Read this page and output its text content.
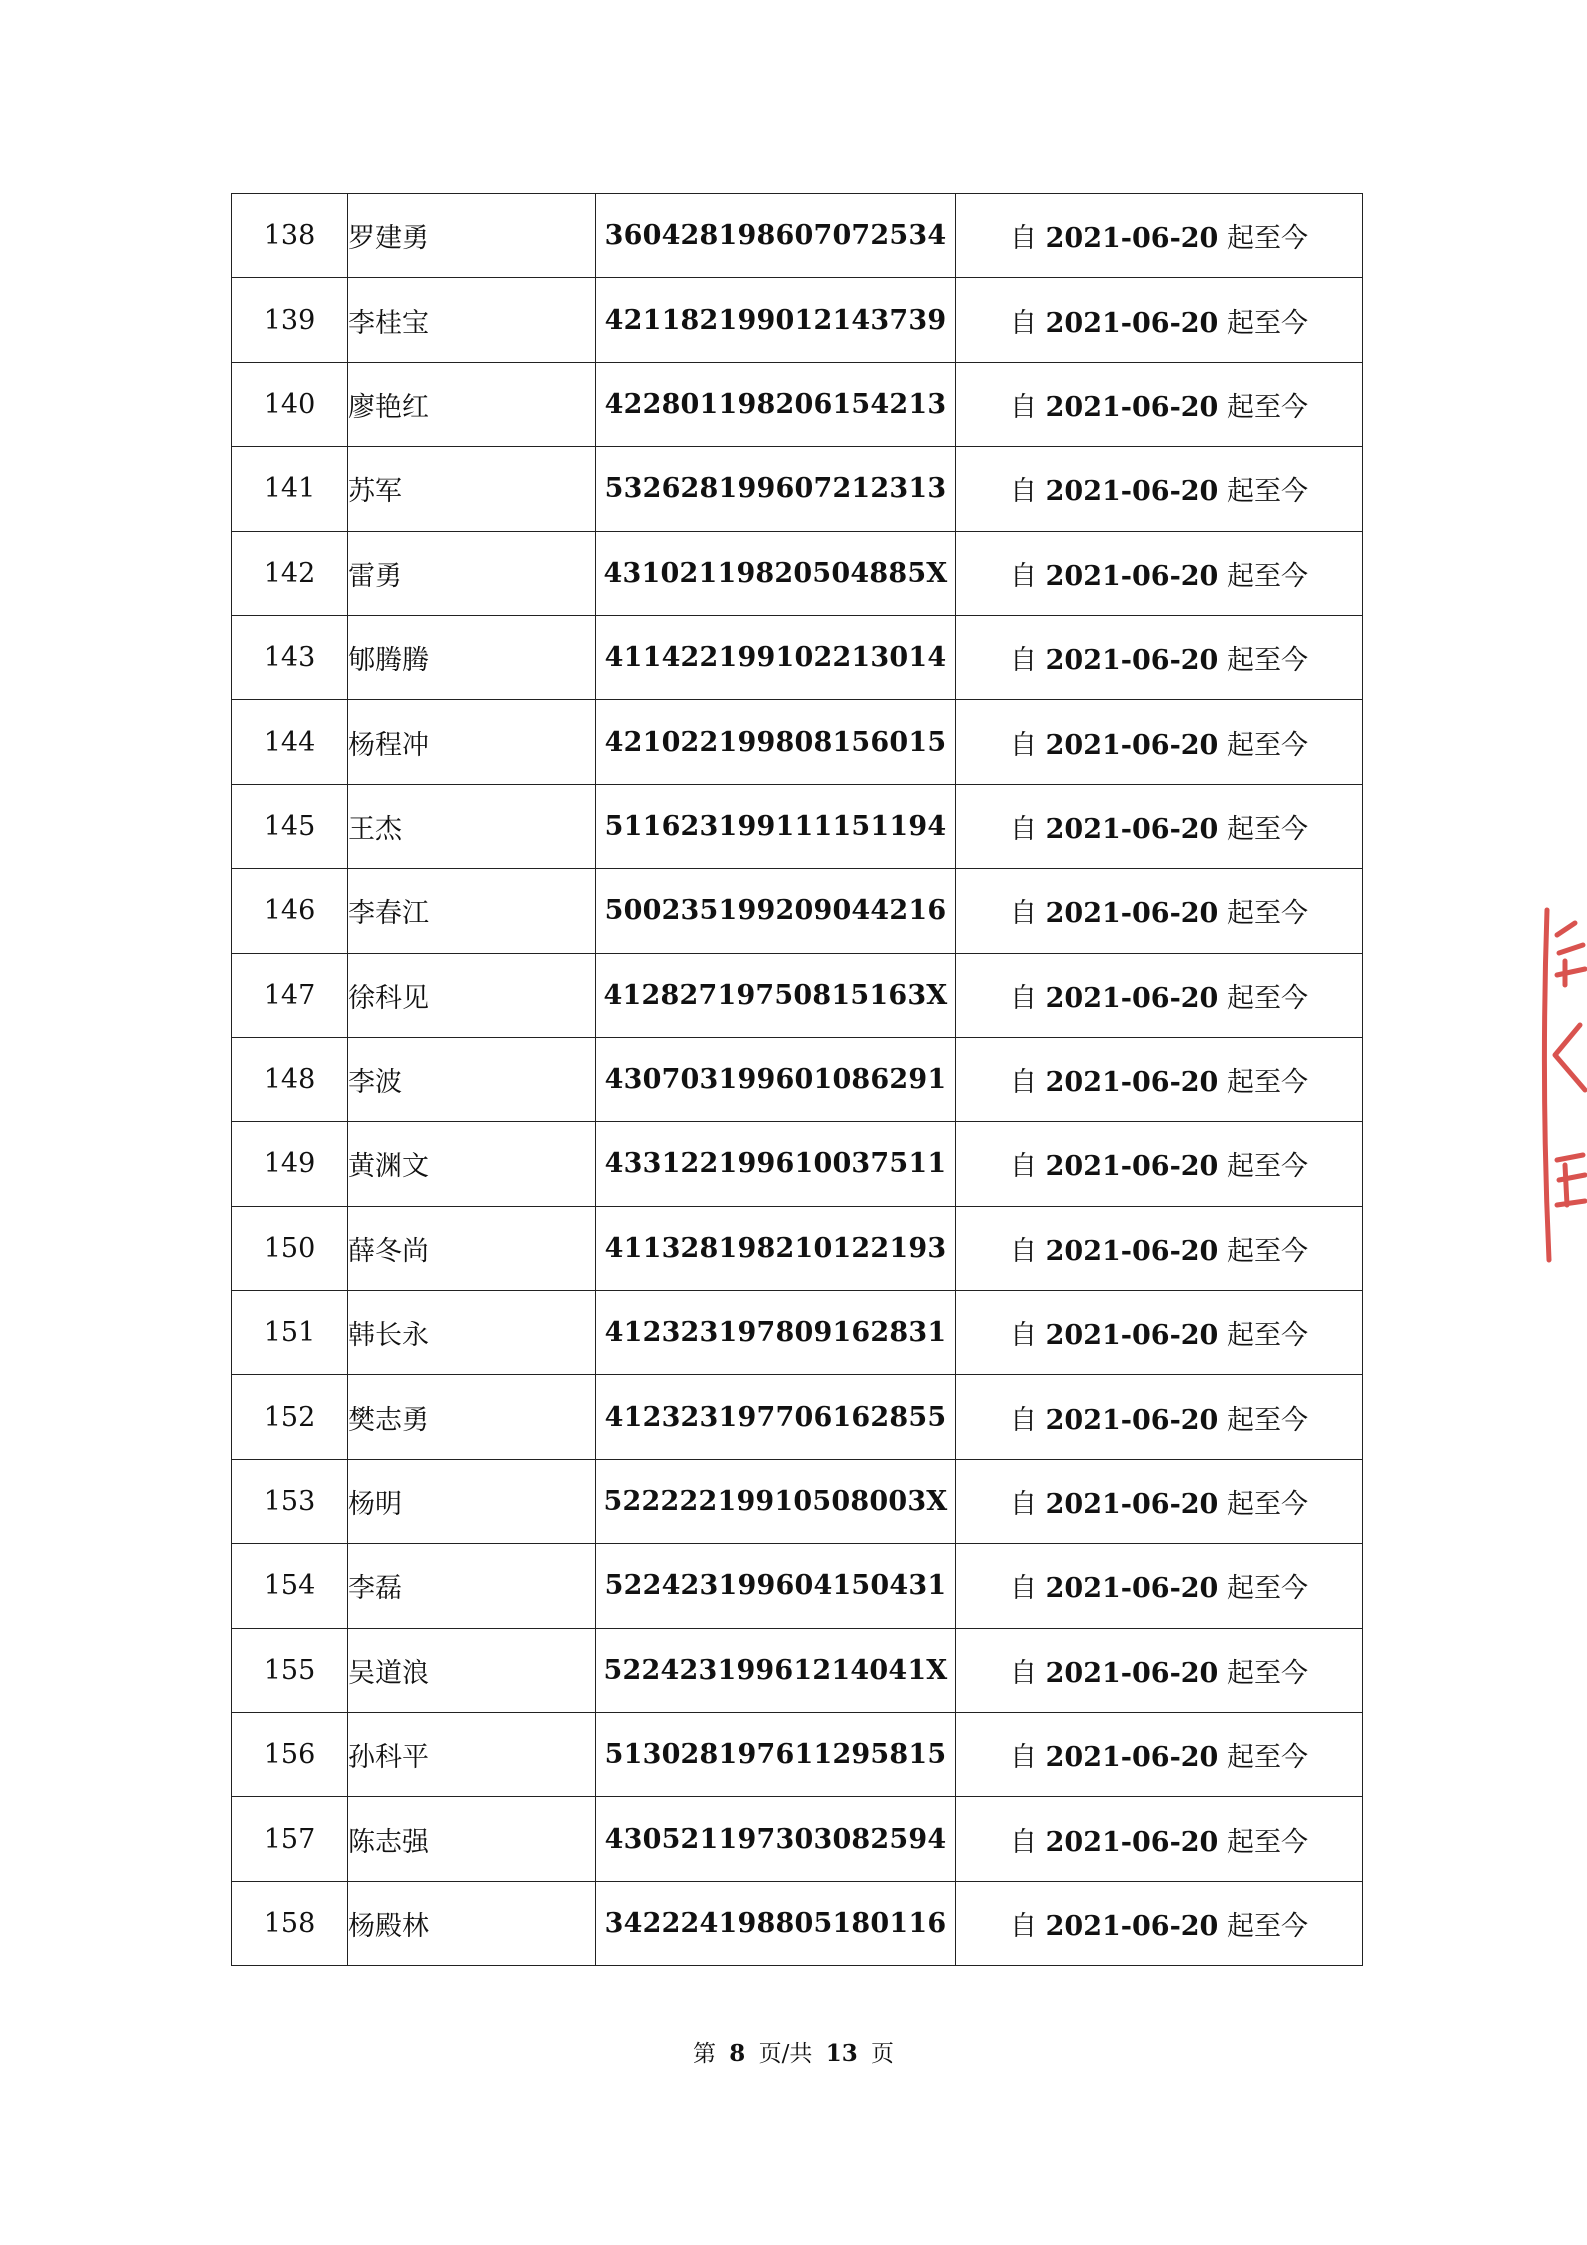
138	罗建勇	360428198607072534	自 2021-06-20 起至今
139	李桂宝	421182199012143739	自 2021-06-20 起至今
140	廖艳红	422801198206154213	自 2021-06-20 起至今
141	苏军	532628199607212313	自 2021-06-20 起至今
142	雷勇	43102119820504885X	自 2021-06-20 起至今
143	郇腾腾	411422199102213014	自 2021-06-20 起至今
144	杨程冲	421022199808156015	自 2021-06-20 起至今
145	王杰	511623199111151194	自 2021-06-20 起至今
146	李春江	500235199209044216	自 2021-06-20 起至今
147	徐科见	41282719750815163X	自 2021-06-20 起至今
148	李波	430703199601086291	自 2021-06-20 起至今
149	黄渊文	433122199610037511	自 2021-06-20 起至今
150	薛冬尚	411328198210122193	自 2021-06-20 起至今
151	韩长永	412323197809162831	自 2021-06-20 起至今
152	樊志勇	412323197706162855	自 2021-06-20 起至今
153	杨明	52222219910508003X	自 2021-06-20 起至今
154	李磊	522423199604150431	自 2021-06-20 起至今
155	吴道浪	52242319961214041X	自 2021-06-20 起至今
156	孙科平	513028197611295815	自 2021-06-20 起至今
157	陈志强	430521197303082594	自 2021-06-20 起至今
158	杨殿林	342224198805180116	自 2021-06-20 起至今
第 8 页/共 13 页
